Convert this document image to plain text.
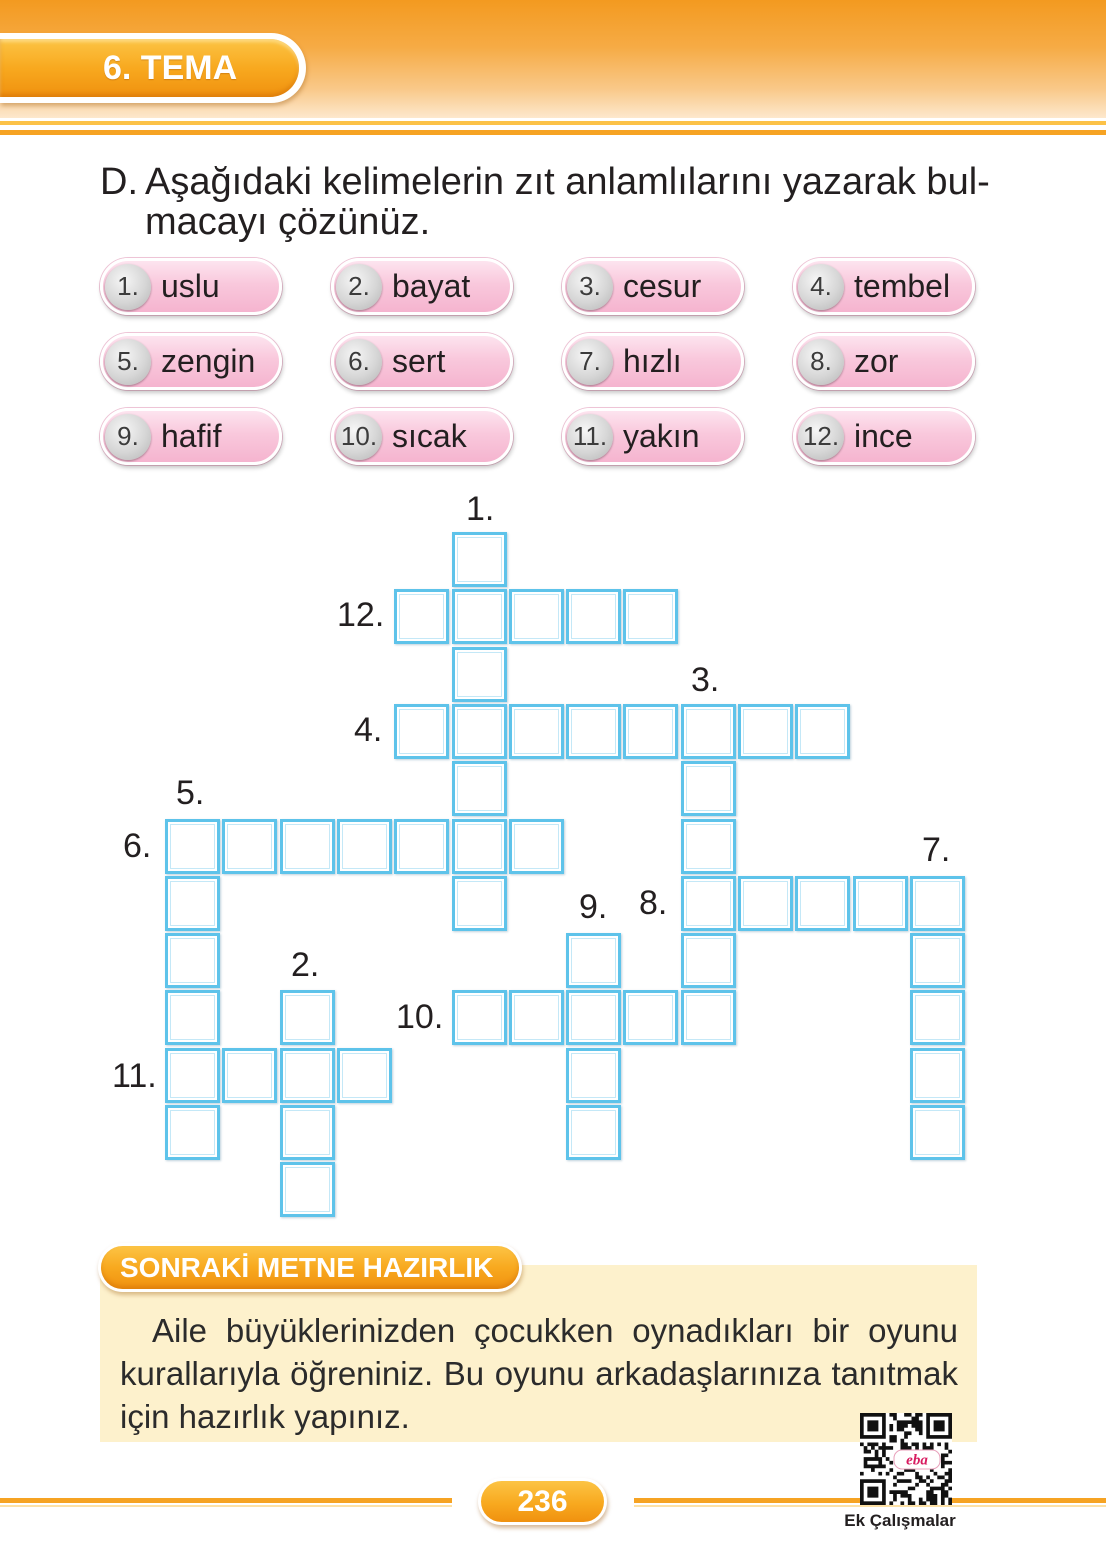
6. TEMA
D. Aşağıdaki kelimelerin zıt anlamlılarını yazarak bul-
macayı çözünüz.
1. uslu	2. bayat	3. cesur	4. tembel
5. zengin	6. sert	7. hızlı	8. zor
9. hafif	10. sıcak	11. yakın	12. ince
1.
2.
3.
4.
5.
6.	7.
8.
9.
10.
11.
12.
SONRAKİ METNE HAZIRLIK
Aile büyüklerinizden çocukken oynadıkları bir oyunu
kurallarıyla öğreniniz. Bu oyunu arkadaşlarınıza tanıtmak
için hazırlık yapınız.
236
eba
Ek Çalışmalar
